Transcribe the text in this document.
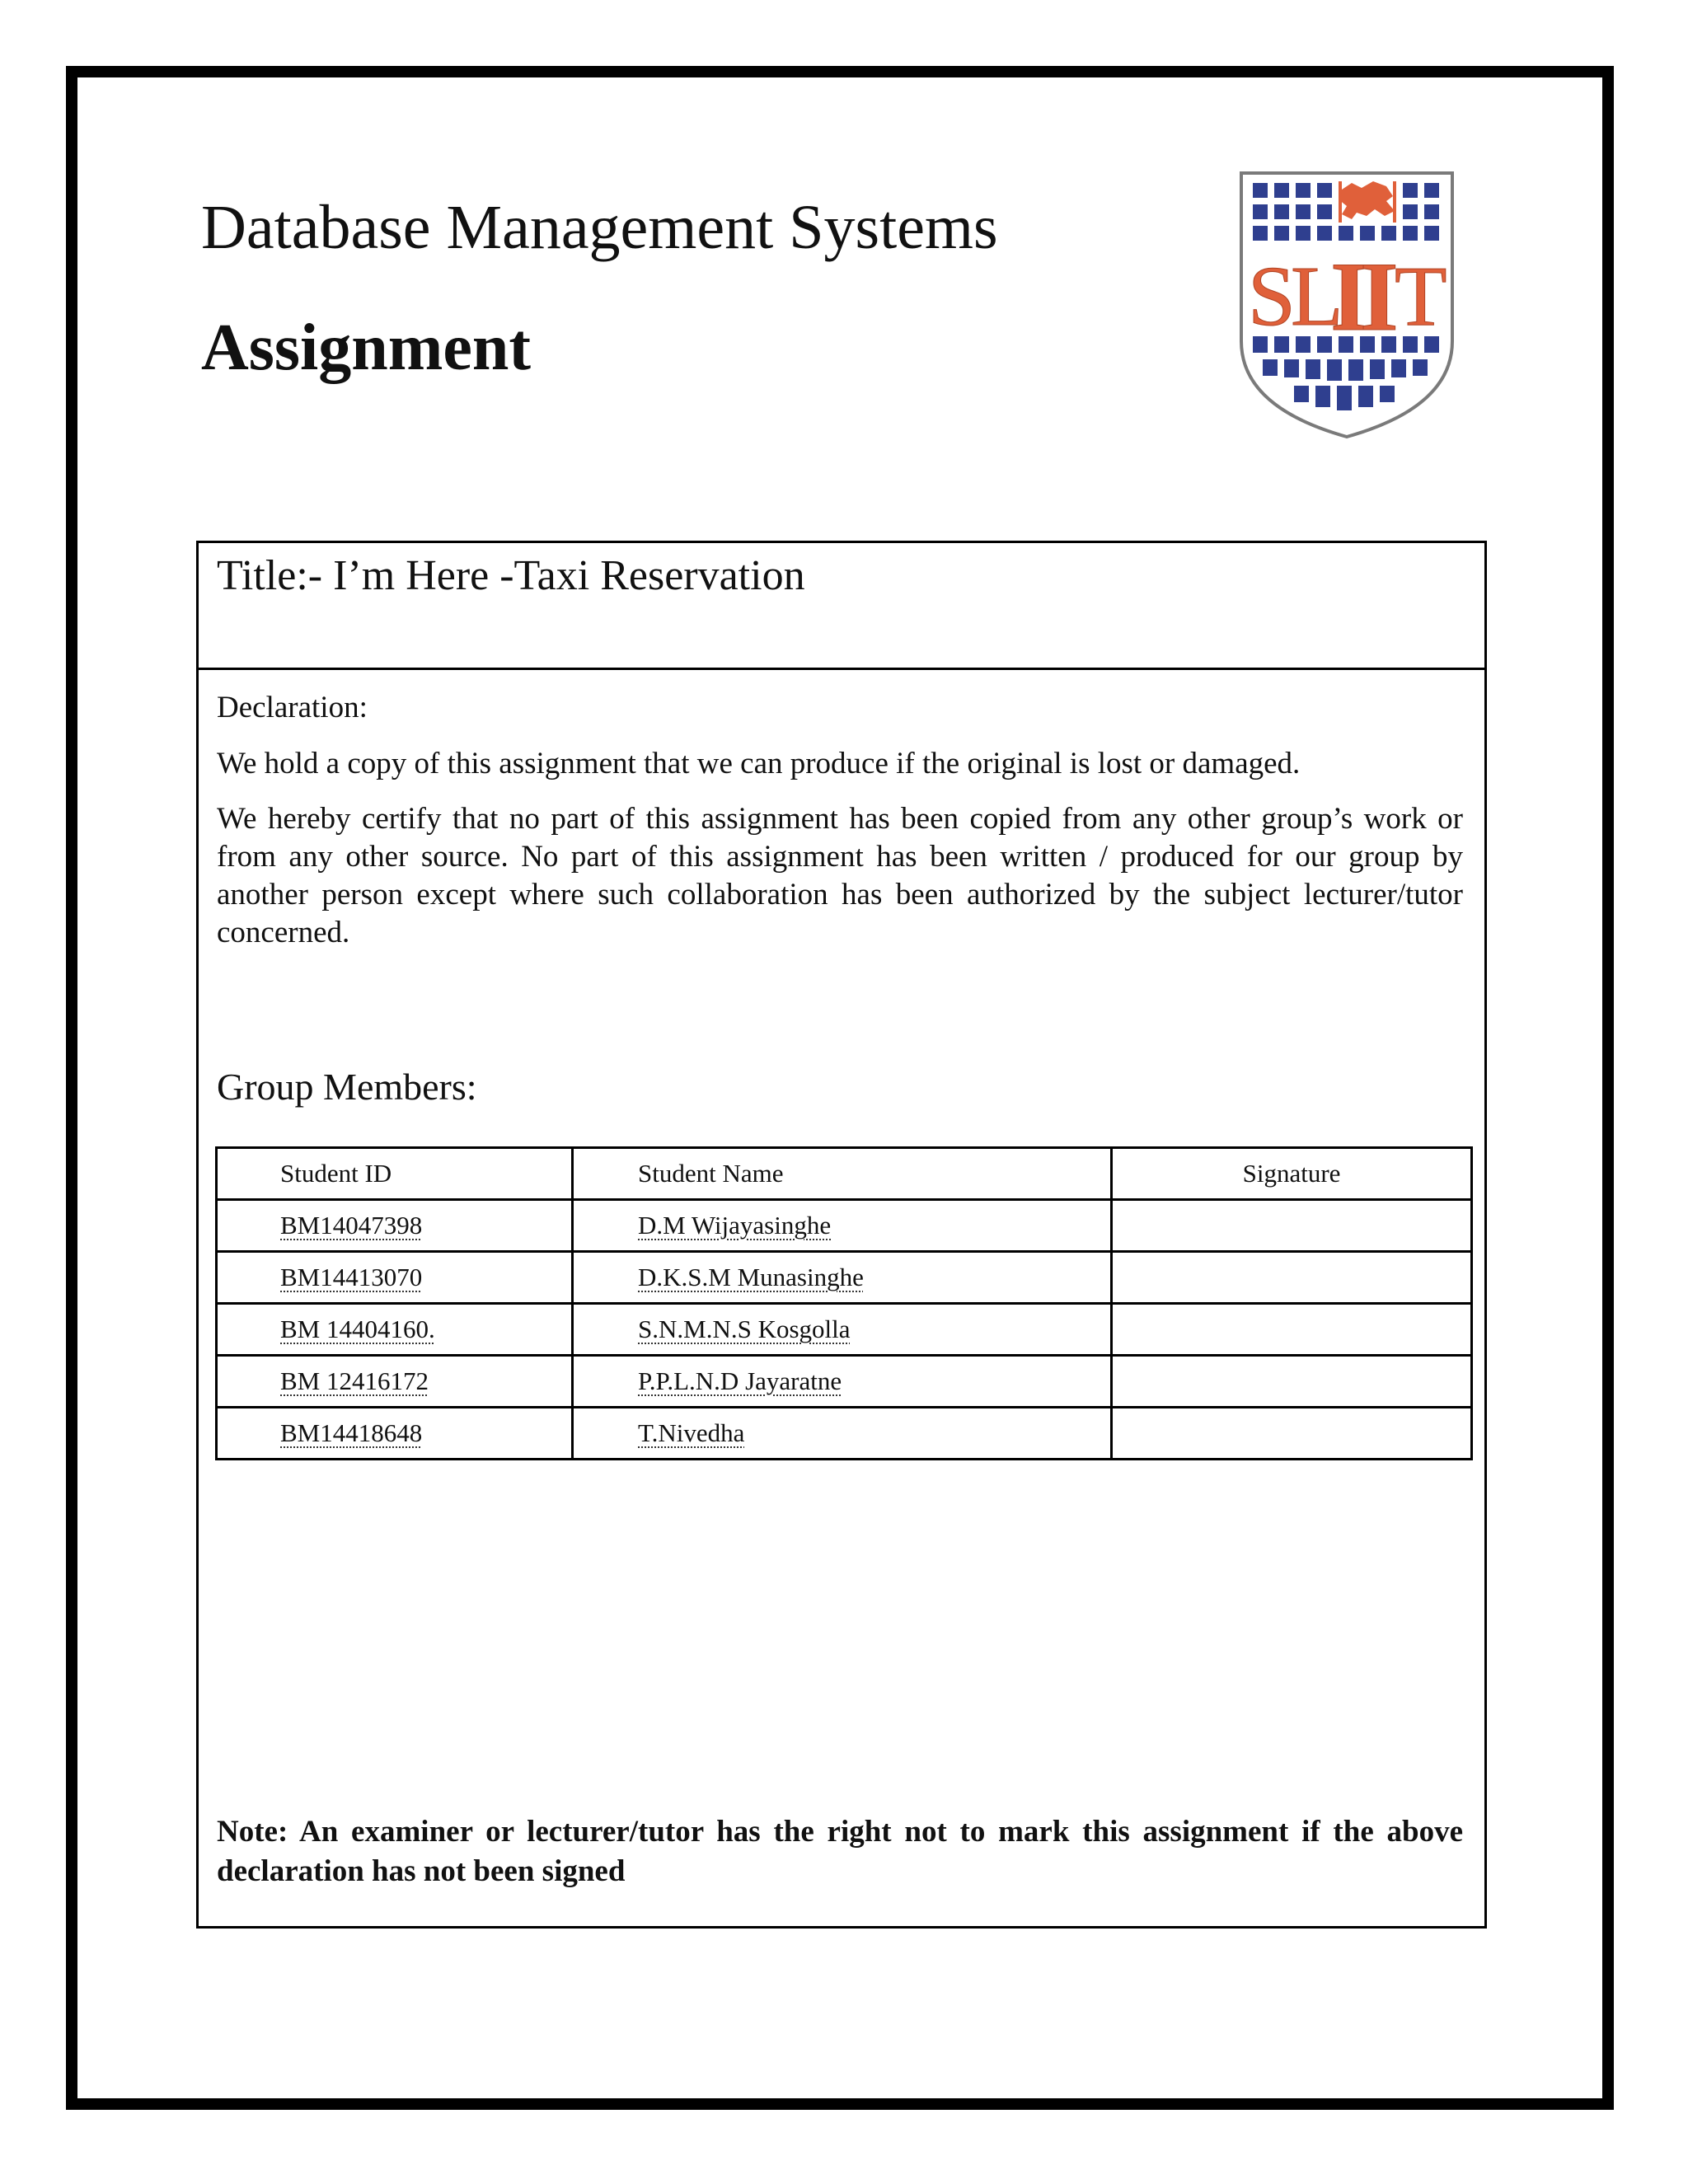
Database Management Systems
Assignment
S
L
I
I
T
Title:- I’m Here -Taxi Reservation
Declaration:
We hold a copy of this assignment that we can produce if the original is lost or damaged.

We hereby certify that no part of this assignment has been copied from any other group’s work or from any other source. No part of this assignment has been written / produced for our group by another person except where such collaboration has been authorized by the subject lecturer/tutor concerned.

Group Members:
Student ID	Student Name	Signature
BM14047398	D.M Wijayasinghe	
BM14413070	D.K.S.M Munasinghe	
BM 14404160.	S.N.M.N.S Kosgolla	
BM 12416172	P.P.L.N.D Jayaratne	
BM14418648	T.Nivedha	

Note: An examiner or lecturer/tutor has the right not to mark this assignment if the above declaration has not been signed
